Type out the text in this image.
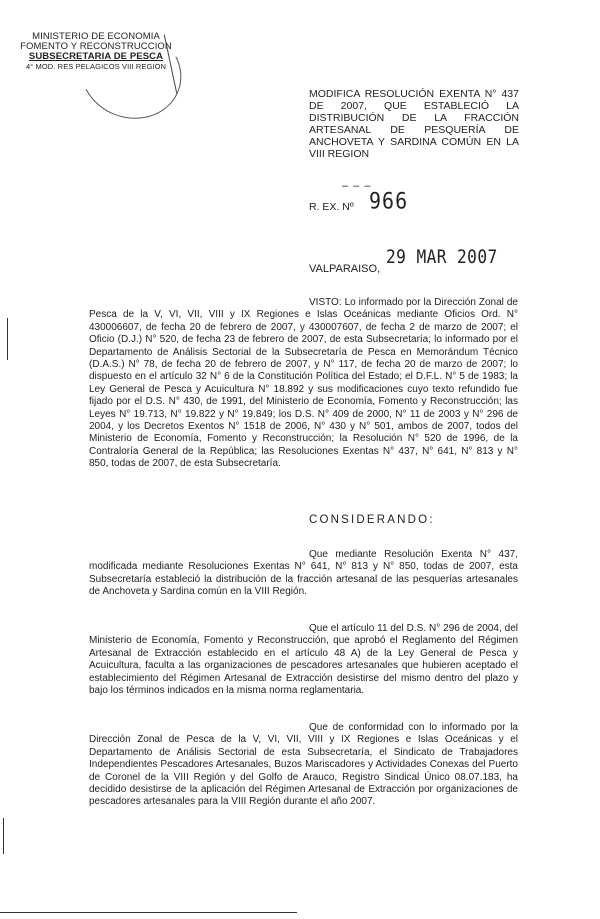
MINISTERIO DE ECONOMIA
FOMENTO Y RECONSTRUCCION
SUBSECRETARIA DE PESCA
4° MOD. RES PELAGICOS VIII REGION
MODIFICA RESOLUCIÓN EXENTA N° 437 DE 2007, QUE ESTABLECIÓ LA DISTRIBUCIÓN DE LA FRACCIÓN ARTESANAL DE PESQUERÍA DE ANCHOVETA Y SARDINA COMÚN EN LA VIII REGION
– – –
R. EX. Nº 966
VALPARAISO,
29 MAR 2007
VISTO: Lo informado por la Dirección Zonal de Pesca de la V, VI, VII, VIII y IX Regiones e Islas Oceánicas mediante Oficios Ord. N° 430006607, de fecha 20 de febrero de 2007, y 430007607, de fecha 2 de marzo de 2007; el Oficio (D.J.) N° 520, de fecha 23 de febrero de 2007, de esta Subsecretaría; lo informado por el Departamento de Análisis Sectorial de la Subsecretaría de Pesca en Memorándum Técnico (D.A.S.) N° 78, de fecha 20 de febrero de 2007, y N° 117, de fecha 20 de marzo de 2007; lo dispuesto en el artículo 32 N° 6 de la Constitución Política del Estado; el D.F.L. N° 5 de 1983; la Ley General de Pesca y Acuicultura N° 18.892 y sus modificaciones cuyo texto refundido fue fijado por el D.S. N° 430, de 1991, del Ministerio de Economía, Fomento y Reconstrucción; las Leyes N° 19.713, N° 19.822 y N° 19.849; los D.S. N° 409 de 2000, N° 11 de 2003 y N° 296 de 2004, y los Decretos Exentos N° 1518 de 2006, N° 430 y N° 501, ambos de 2007, todos del Ministerio de Economía, Fomento y Reconstrucción; la Resolución N° 520 de 1996, de la Contraloría General de la República; las Resoluciones Exentas N° 437, N° 641, N° 813 y N° 850, todas de 2007, de esta Subsecretaría.
CONSIDERANDO:
Que mediante Resolución Exenta N° 437, modificada mediante Resoluciones Exentas N° 641, N° 813 y N° 850, todas de 2007, esta Subsecretaría estableció la distribución de la fracción artesanal de las pesquerías artesanales de Anchoveta y Sardina común en la VIII Región.
Que el artículo 11 del D.S. N° 296 de 2004, del Ministerio de Economía, Fomento y Reconstrucción, que aprobó el Reglamento del Régimen Artesanal de Extracción establecido en el artículo 48 A) de la Ley General de Pesca y Acuicultura, faculta a las organizaciones de pescadores artesanales que hubieren aceptado el establecimiento del Régimen Artesanal de Extracción desistirse del mismo dentro del plazo y bajo los términos indicados en la misma norma reglamentaria.
Que de conformidad con lo informado por la Dirección Zonal de Pesca de la V, VI, VII, VIII y IX Regiones e Islas Oceánicas y el Departamento de Análisis Sectorial de esta Subsecretaría, el Sindicato de Trabajadores Independientes Pescadores Artesanales, Buzos Mariscadores y Actividades Conexas del Puerto de Coronel de la VIII Región y del Golfo de Arauco, Registro Sindical Único 08.07.183, ha decidido desistirse de la aplicación del Régimen Artesanal de Extracción por organizaciones de pescadores artesanales para la VIII Región durante el año 2007.
